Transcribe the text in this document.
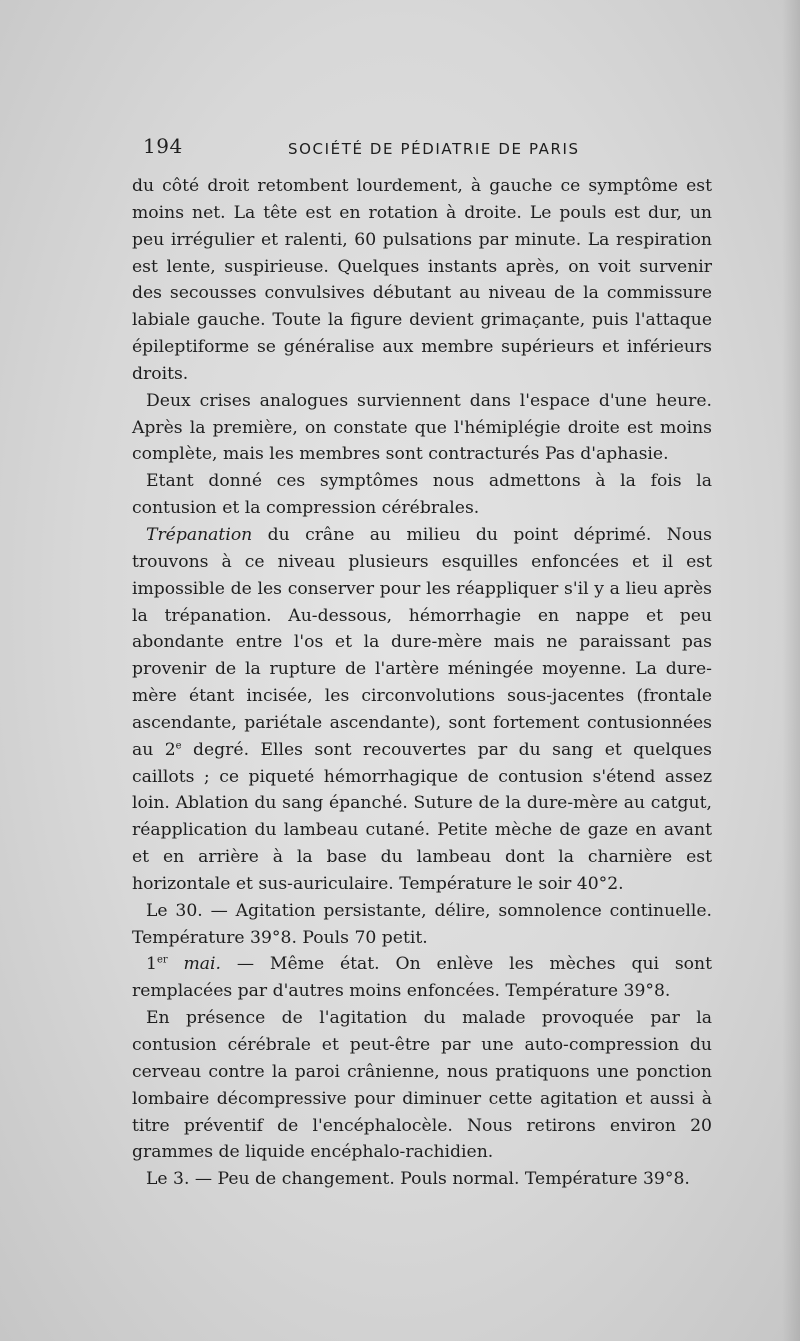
194	SOCIÉTÉ DE PÉDIATRIE DE PARIS

du côté droit retombent lourdement, à gauche ce symptôme est moins net. La tête est en rotation à droite. Le pouls est dur, un peu irrégulier et ralenti, 60 pulsations par minute. La respiration est lente, suspirieuse. Quelques instants après, on voit survenir des secousses convulsives débutant au niveau de la commissure labiale gauche. Toute la figure devient grimaçante, puis l'attaque épileptiforme se généralise aux membre supérieurs et inférieurs droits.

Deux crises analogues surviennent dans l'espace d'une heure. Après la première, on constate que l'hémiplégie droite est moins complète, mais les membres sont contracturés Pas d'aphasie.

Etant donné ces symptômes nous admettons à la fois la contusion et la compression cérébrales.

Trépanation du crâne au milieu du point déprimé. Nous trouvons à ce niveau plusieurs esquilles enfoncées et il est impossible de les conserver pour les réappliquer s'il y a lieu après la trépanation. Au-dessous, hémorrhagie en nappe et peu abondante entre l'os et la dure-mère mais ne paraissant pas provenir de la rupture de l'artère méningée moyenne. La dure-mère étant incisée, les circonvolutions sous-jacentes (frontale ascendante, pariétale ascendante), sont fortement contusionnées au 2e degré. Elles sont recouvertes par du sang et quelques caillots ; ce piqueté hémorrhagique de contusion s'étend assez loin. Ablation du sang épanché. Suture de la dure-mère au catgut, réapplication du lambeau cutané. Petite mèche de gaze en avant et en arrière à la base du lambeau dont la charnière est horizontale et sus-auriculaire. Température le soir 40°2.

Le 30. — Agitation persistante, délire, somnolence continuelle. Température 39°8. Pouls 70 petit.

1er mai. — Même état. On enlève les mèches qui sont remplacées par d'autres moins enfoncées. Température 39°8.

En présence de l'agitation du malade provoquée par la contusion cérébrale et peut-être par une auto-compression du cerveau contre la paroi crânienne, nous pratiquons une ponction lombaire décompressive pour diminuer cette agitation et aussi à titre préventif de l'encéphalocèle. Nous retirons environ 20 grammes de liquide encéphalo-rachidien.

Le 3. — Peu de changement. Pouls normal. Température 39°8.
